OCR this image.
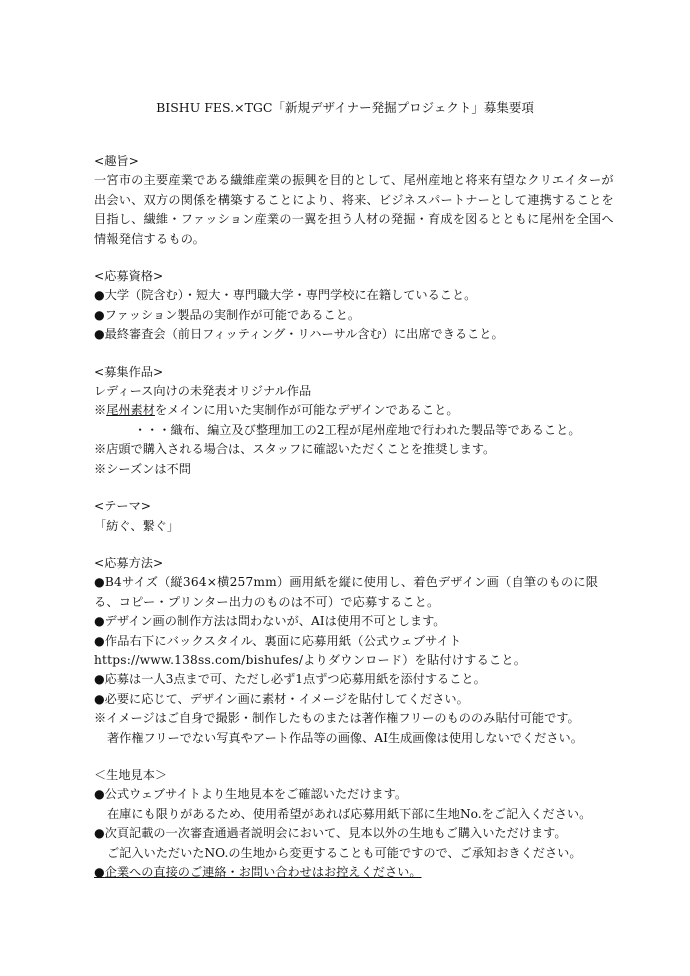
BISHU FES.×TGC「新規デザイナー発掘プロジェクト」募集要項
<趣旨>
一宮市の主要産業である繊維産業の振興を目的として、尾州産地と将来有望なクリエイターが出会い、双方の関係を構築することにより、将来、ビジネスパートナーとして連携することを目指し、繊維・ファッション産業の一翼を担う人材の発掘・育成を図るとともに尾州を全国へ情報発信するもの。
<応募資格>
●大学（院含む）・短大・専門職大学・専門学校に在籍していること。
●ファッション製品の実制作が可能であること。
●最終審査会（前日フィッティング・リハーサル含む）に出席できること。
<募集作品>
レディース向けの未発表オリジナル作品
※尾州素材をメインに用いた実制作が可能なデザインであること。
・・・織布、編立及び整理加工の2工程が尾州産地で行われた製品等であること。
※店頭で購入される場合は、スタッフに確認いただくことを推奨します。
※シーズンは不問
<テーマ>
「紡ぐ、繋ぐ」
<応募方法>
●B4サイズ（縦364×横257mm）画用紙を縦に使用し、着色デザイン画（自筆のものに限る、コピー・プリンター出力のものは不可）で応募すること。
●デザイン画の制作方法は問わないが、AIは使用不可とします。
●作品右下にバックスタイル、裏面に応募用紙（公式ウェブサイトhttps://www.138ss.com/bishufes/よりダウンロード）を貼付けすること。
●応募は一人3点まで可、ただし必ず1点ずつ応募用紙を添付すること。
●必要に応じて、デザイン画に素材・イメージを貼付してください。
※イメージはご自身で撮影・制作したものまたは著作権フリーのもののみ貼付可能です。
著作権フリーでない写真やアート作品等の画像、AI生成画像は使用しないでください。
＜生地見本＞
●公式ウェブサイトより生地見本をご確認いただけます。
在庫にも限りがあるため、使用希望があれば応募用紙下部に生地No.をご記入ください。
●次頁記載の一次審査通過者説明会において、見本以外の生地もご購入いただけます。
ご記入いただいたNO.の生地から変更することも可能ですので、ご承知おきください。
●企業への直接のご連絡・お問い合わせはお控えください。
